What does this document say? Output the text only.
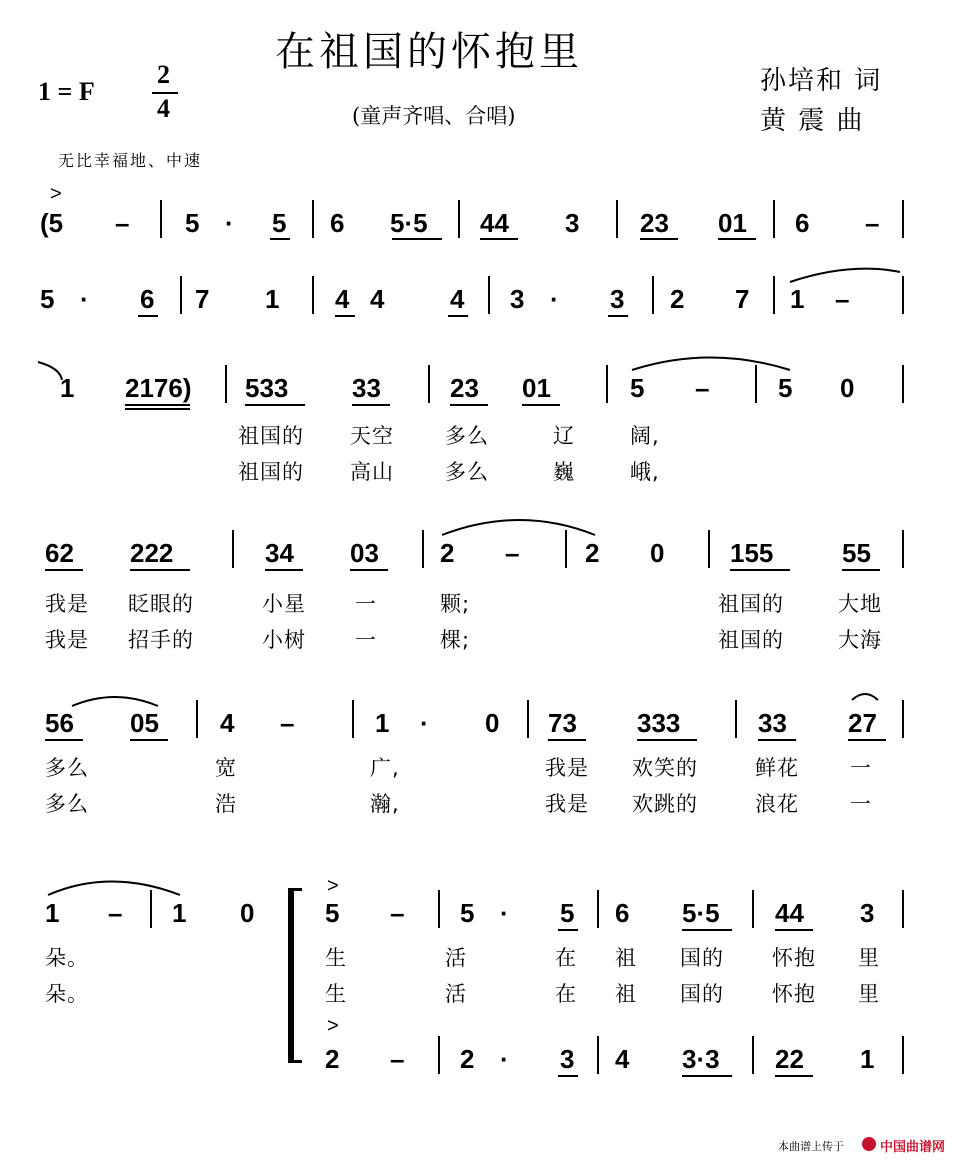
在祖国的怀抱里
(童声齐唱、合唱)
1 = F
2
4
孙培和 词
黄 震 曲
无比幸福地、中速
(5 – 5 · 5 6 5·5 44 3 23 01 6 –
>
5 · 6 7 1 4 4	4 3 · 3 2 7 1 –
1 2176) 533 33	23 01	5 –	5 0
62 222	34 03 2 –	2 0	155	55
56 05 4 –	1 · 0 73 333	33 27
1 – 1 0	5 – 5 · 5 6 5·5 44 3
>
>
2 – 2 · 3 4 3·3 22 1
祖国的 天空 多么	辽	阔,
祖国的 高山 多么	巍	峨,
我是 眨眼的	小星 一	颗;	祖国的	大地
我是 招手的	小树 一	棵;	祖国的	大海
多么	宽	广,	我是 欢笑的	鲜花 一
多么	浩	瀚,	我是 欢跳的	浪花 一
朵。	生	活	在 祖 国的 怀抱 里
朵。	生	活	在 祖 国的 怀抱 里
本曲谱上传于	中国曲谱网
